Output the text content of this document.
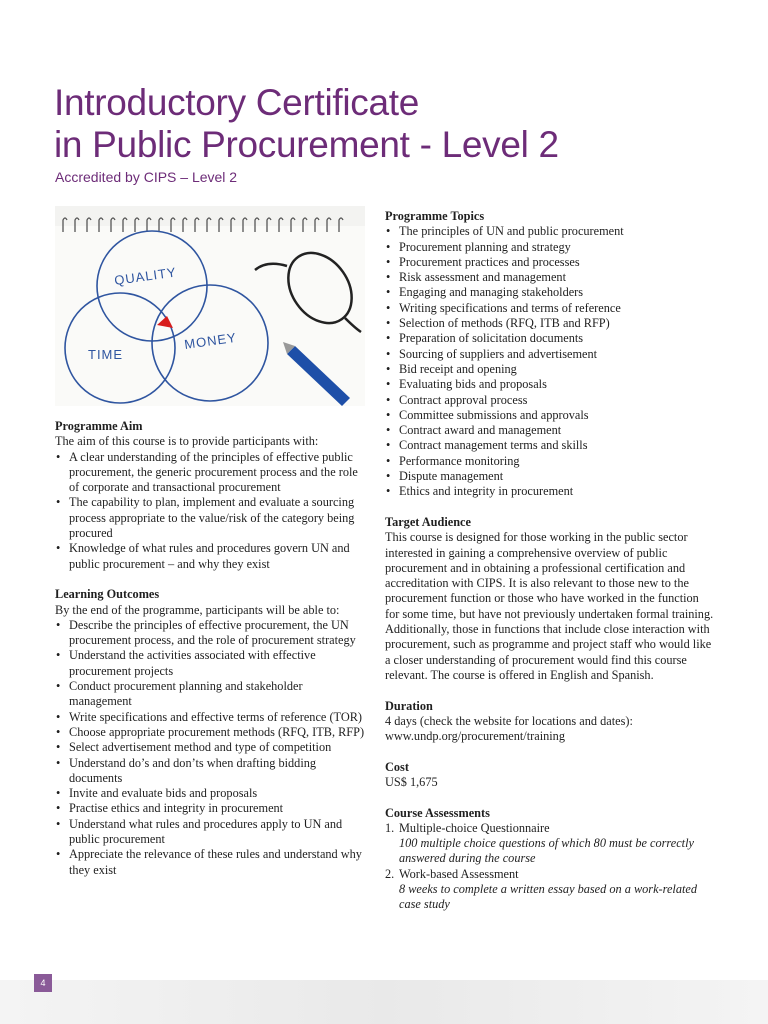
Introductory Certificate
in Public Procurement - Level 2
Accredited by CIPS – Level 2
QUALITY
TIME
MONEY
Programme Aim

The aim of this course is to provide participants with:

• A clear understanding of the principles of effective public procurement, the generic procurement process and the role of corporate and transactional procurement
• The capability to plan, implement and evaluate a sourcing process appropriate to the value/risk of the category being procured
• Knowledge of what rules and procedures govern UN and public procurement – and why they exist
Learning Outcomes

By the end of the programme, participants will be able to:

• Describe the principles of effective procurement, the UN procurement process, and the role of procurement strategy
• Understand the activities associated with effective procurement projects
• Conduct procurement planning and stakeholder management
• Write specifications and effective terms of reference (TOR)
• Choose appropriate procurement methods (RFQ, ITB, RFP)
• Select advertisement method and type of competition
• Understand do’s and don’ts when drafting bidding documents
• Invite and evaluate bids and proposals
• Practise ethics and integrity in procurement
• Understand what rules and procedures apply to UN and public procurement
• Appreciate the relevance of these rules and understand why they exist
Programme Topics
• The principles of UN and public procurement
• Procurement planning and strategy
• Procurement practices and processes
• Risk assessment and management
• Engaging and managing stakeholders
• Writing specifications and terms of reference
• Selection of methods (RFQ, ITB and RFP)
• Preparation of solicitation documents
• Sourcing of suppliers and advertisement
• Bid receipt and opening
• Evaluating bids and proposals
• Contract approval process
• Committee submissions and approvals
• Contract award and management
• Contract management terms and skills
• Performance monitoring
• Dispute management
• Ethics and integrity in procurement
Target Audience

This course is designed for those working in the public sector interested in gaining a comprehensive overview of public procurement and in obtaining a professional certification and accreditation with CIPS. It is also relevant to those new to the procurement function or those who have worked in the function for some time, but have not previously undertaken formal training. Additionally, those in functions that include close interaction with procurement, such as programme and project staff who would like a closer understanding of procurement would find this course relevant. The course is offered in English and Spanish.

Duration

4 days (check the website for locations and dates):

www.undp.org/procurement/training

Cost

US$ 1,675

Course Assessments
1. Multiple-choice Questionnaire
100 multiple choice questions of which 80 must be correctly answered during the course
2. Work-based Assessment
8 weeks to complete a written essay based on a work-related case study
4
